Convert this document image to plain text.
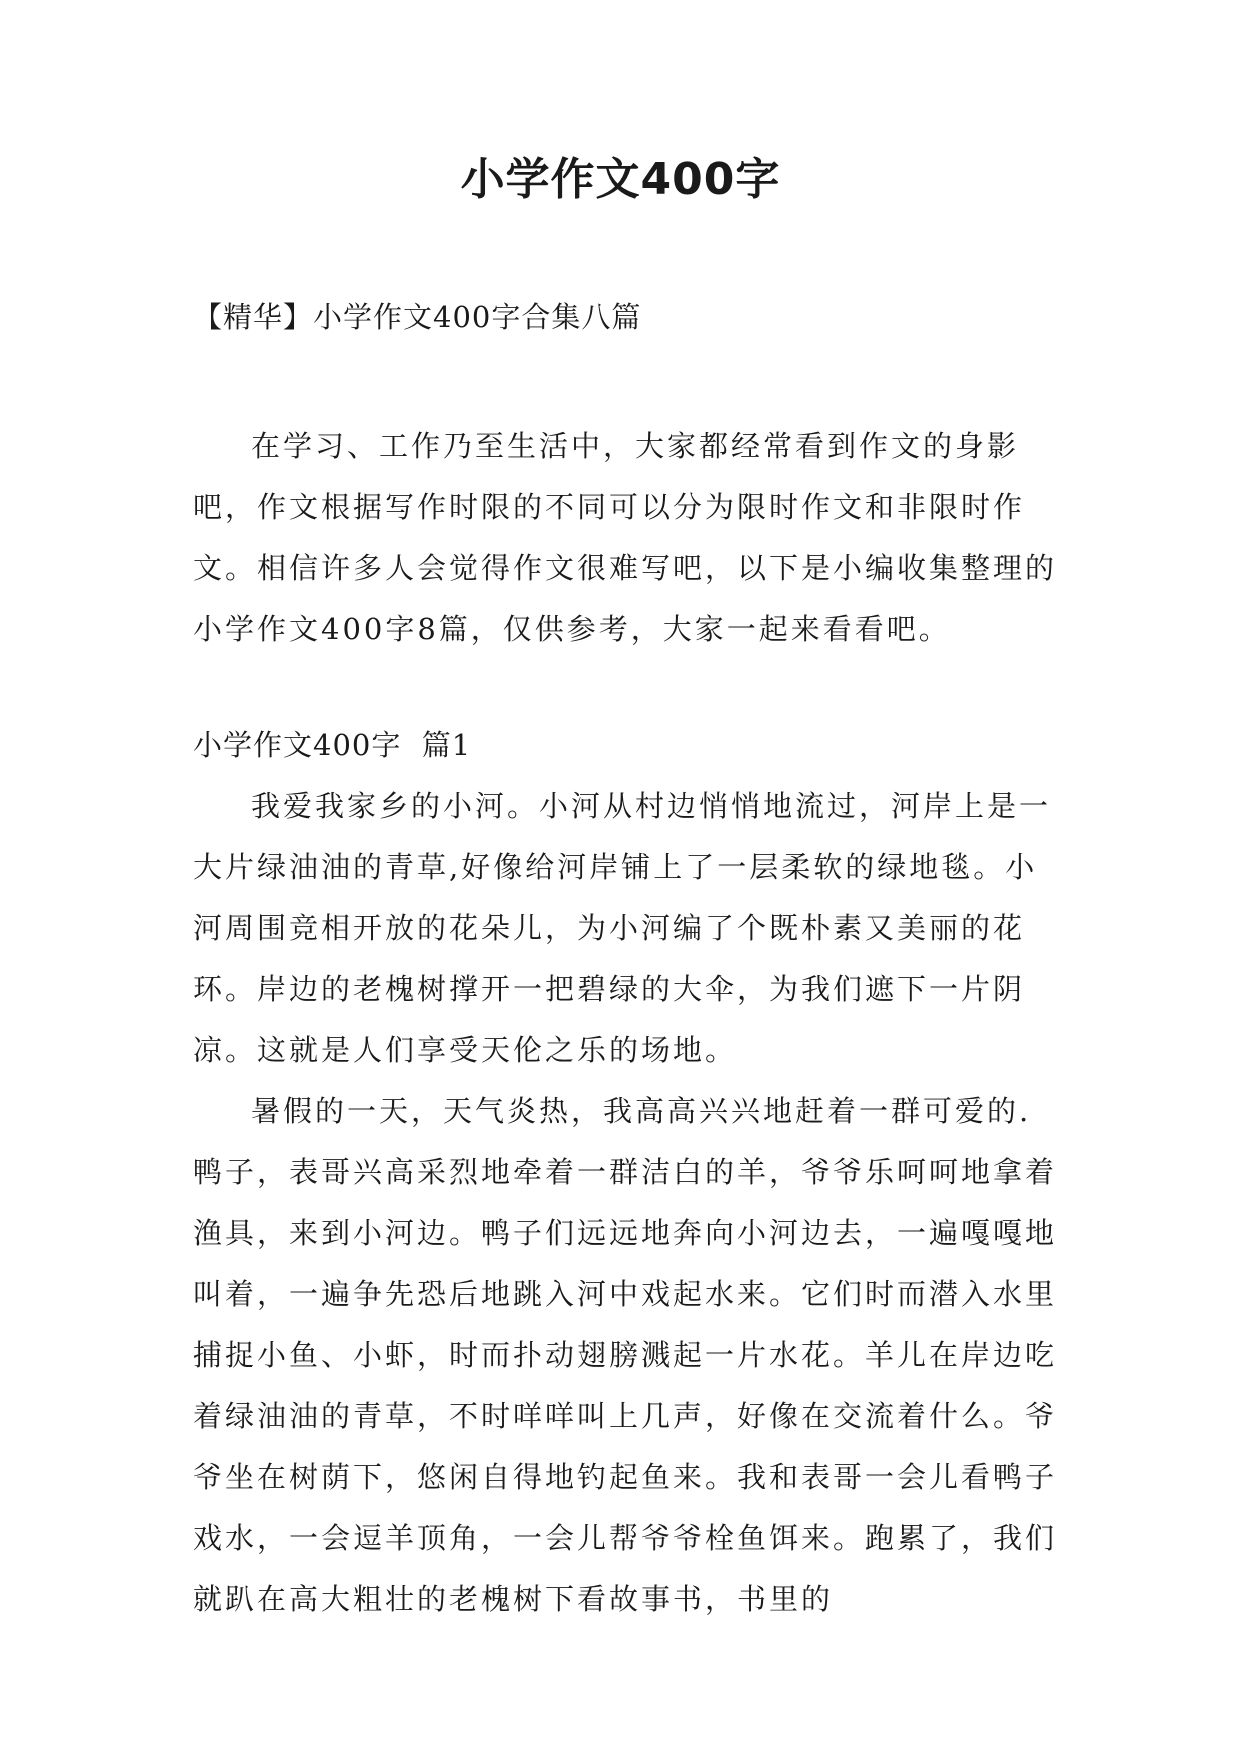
小学作文400字

【精华】小学作文400字合集八篇

在学习、工作乃至生活中，大家都经常看到作文的身影吧，作文根据写作时限的不同可以分为限时作文和非限时作文。相信许多人会觉得作文很难写吧，以下是小编收集整理的小学作文400字8篇，仅供参考，大家一起来看看吧。

小学作文400字  篇1

我爱我家乡的小河。小河从村边悄悄地流过，河岸上是一大片绿油油的青草,好像给河岸铺上了一层柔软的绿地毯。小河周围竞相开放的花朵儿，为小河编了个既朴素又美丽的花环。岸边的老槐树撑开一把碧绿的大伞，为我们遮下一片阴凉。这就是人们享受天伦之乐的场地。

暑假的一天，天气炎热，我高高兴兴地赶着一群可爱的.鸭子，表哥兴高采烈地牵着一群洁白的羊，爷爷乐呵呵地拿着渔具，来到小河边。鸭子们远远地奔向小河边去，一遍嘎嘎地叫着，一遍争先恐后地跳入河中戏起水来。它们时而潜入水里捕捉小鱼、小虾，时而扑动翅膀溅起一片水花。羊儿在岸边吃着绿油油的青草，不时咩咩叫上几声，好像在交流着什么。爷爷坐在树荫下，悠闲自得地钓起鱼来。我和表哥一会儿看鸭子戏水，一会逗羊顶角，一会儿帮爷爷栓鱼饵来。跑累了，我们就趴在高大粗壮的老槐树下看故事书，书里的
